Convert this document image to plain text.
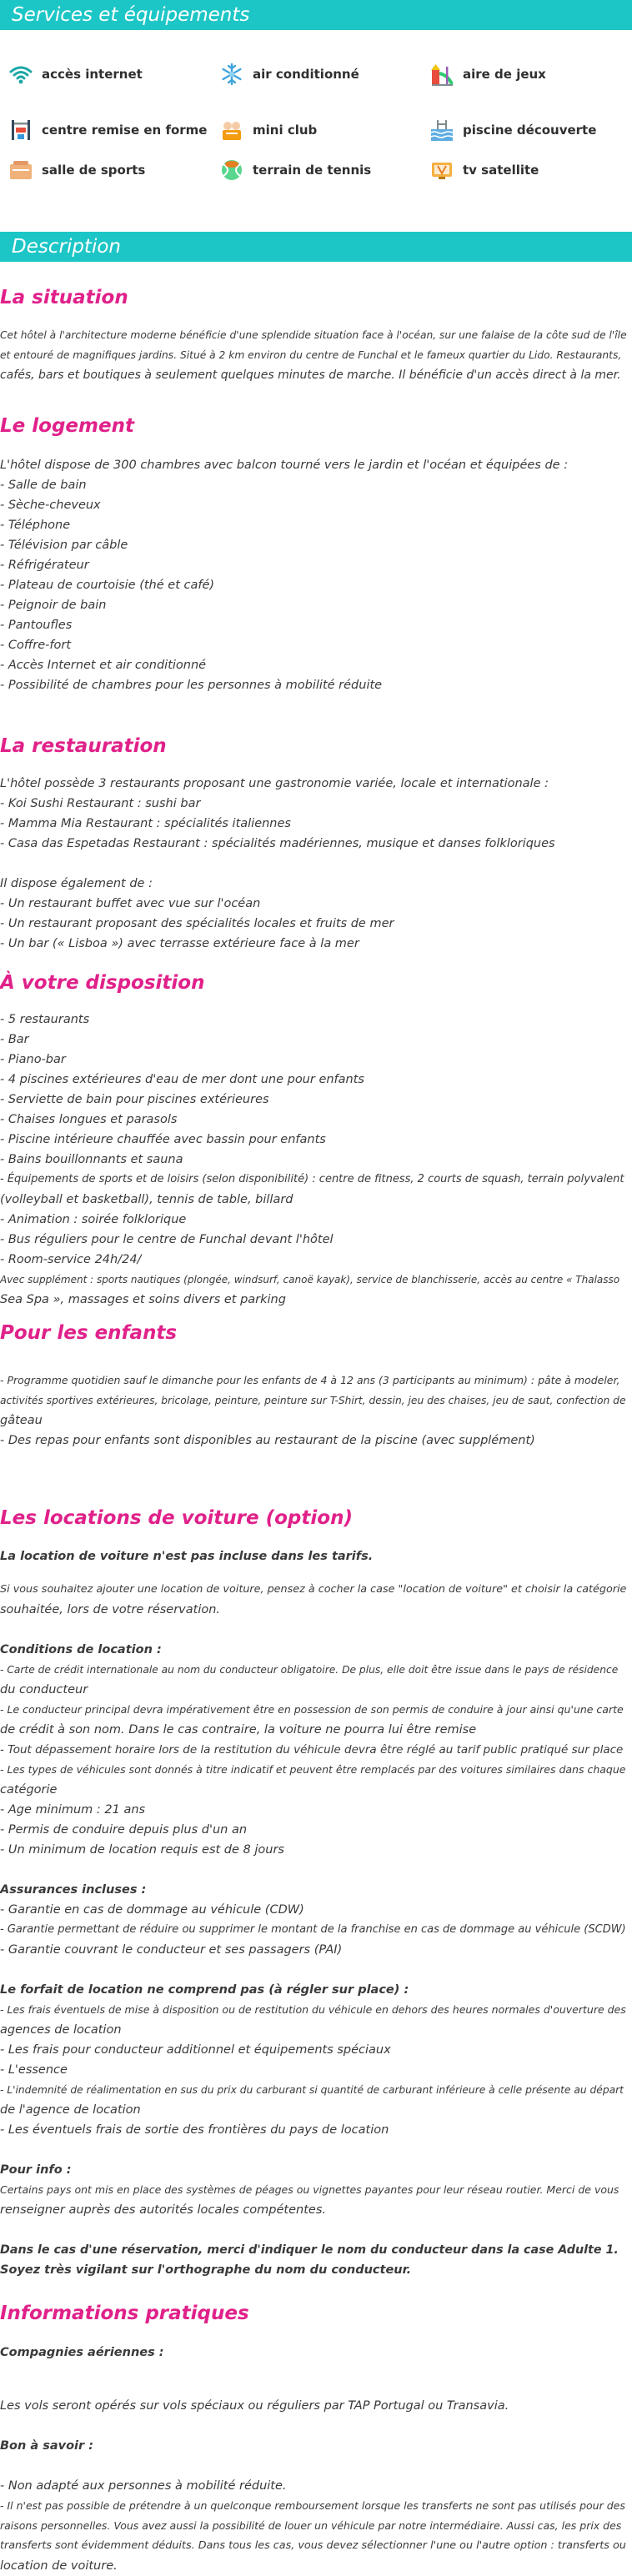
Services et équipements
accès internet	air conditionné	aire de jeux
centre remise en forme	mini club	piscine découverte
salle de sports	terrain de tennis	tv satellite
Description
La situation
Cet hôtel à l'architecture moderne bénéficie d'une splendide situation face à l'océan, sur une falaise de la côte sud de l'île
et entouré de magnifiques jardins. Situé à 2 km environ du centre de Funchal et le fameux quartier du Lido. Restaurants,
cafés, bars et boutiques à seulement quelques minutes de marche. Il bénéficie d'un accès direct à la mer.
Le logement
L'hôtel dispose de 300 chambres avec balcon tourné vers le jardin et l'océan et équipées de :
- Salle de bain
- Sèche-cheveux
- Téléphone
- Télévision par câble
- Réfrigérateur
- Plateau de courtoisie (thé et café)
- Peignoir de bain
- Pantoufles
- Coffre-fort
- Accès Internet et air conditionné
- Possibilité de chambres pour les personnes à mobilité réduite
La restauration
L'hôtel possède 3 restaurants proposant une gastronomie variée, locale et internationale :
- Koi Sushi Restaurant : sushi bar
- Mamma Mia Restaurant : spécialités italiennes
- Casa das Espetadas Restaurant : spécialités madériennes, musique et danses folkloriques
Il dispose également de :
- Un restaurant buffet avec vue sur l'océan
- Un restaurant proposant des spécialités locales et fruits de mer
- Un bar (« Lisboa ») avec terrasse extérieure face à la mer
À votre disposition
- 5 restaurants
- Bar
- Piano-bar
- 4 piscines extérieures d'eau de mer dont une pour enfants
- Serviette de bain pour piscines extérieures
- Chaises longues et parasols
- Piscine intérieure chauffée avec bassin pour enfants
- Bains bouillonnants et sauna
- Équipements de sports et de loisirs (selon disponibilité) : centre de fitness, 2 courts de squash, terrain polyvalent
(volleyball et basketball), tennis de table, billard
- Animation : soirée folklorique
- Bus réguliers pour le centre de Funchal devant l'hôtel
- Room-service 24h/24/
Avec supplément : sports nautiques (plongée, windsurf, canoë kayak), service de blanchisserie, accès au centre « Thalasso
Sea Spa », massages et soins divers et parking
Pour les enfants
- Programme quotidien sauf le dimanche pour les enfants de 4 à 12 ans (3 participants au minimum) : pâte à modeler,
activités sportives extérieures, bricolage, peinture, peinture sur T-Shirt, dessin, jeu des chaises, jeu de saut, confection de
gâteau
- Des repas pour enfants sont disponibles au restaurant de la piscine (avec supplément)
Les locations de voiture (option)
La location de voiture n'est pas incluse dans les tarifs.
Si vous souhaitez ajouter une location de voiture, pensez à cocher la case "location de voiture" et choisir la catégorie
souhaitée, lors de votre réservation.
Conditions de location :
- Carte de crédit internationale au nom du conducteur obligatoire. De plus, elle doit être issue dans le pays de résidence
du conducteur
- Le conducteur principal devra impérativement être en possession de son permis de conduire à jour ainsi qu'une carte
de crédit à son nom. Dans le cas contraire, la voiture ne pourra lui être remise
- Tout dépassement horaire lors de la restitution du véhicule devra être réglé au tarif public pratiqué sur place
- Les types de véhicules sont donnés à titre indicatif et peuvent être remplacés par des voitures similaires dans chaque
catégorie
- Age minimum : 21 ans
- Permis de conduire depuis plus d'un an
- Un minimum de location requis est de 8 jours
Assurances incluses :
- Garantie en cas de dommage au véhicule (CDW)
- Garantie permettant de réduire ou supprimer le montant de la franchise en cas de dommage au véhicule (SCDW)
- Garantie couvrant le conducteur et ses passagers (PAI)
Le forfait de location ne comprend pas (à régler sur place) :
- Les frais éventuels de mise à disposition ou de restitution du véhicule en dehors des heures normales d'ouverture des
agences de location
- Les frais pour conducteur additionnel et équipements spéciaux
- L'essence
- L'indemnité de réalimentation en sus du prix du carburant si quantité de carburant inférieure à celle présente au départ
de l'agence de location
- Les éventuels frais de sortie des frontières du pays de location
Pour info :
Certains pays ont mis en place des systèmes de péages ou vignettes payantes pour leur réseau routier. Merci de vous
renseigner auprès des autorités locales compétentes.
Dans le cas d'une réservation, merci d'indiquer le nom du conducteur dans la case Adulte 1.
Soyez très vigilant sur l'orthographe du nom du conducteur.
Informations pratiques
Compagnies aériennes :
Les vols seront opérés sur vols spéciaux ou réguliers par TAP Portugal ou Transavia.
Bon à savoir :
- Non adapté aux personnes à mobilité réduite.
- Il n'est pas possible de prétendre à un quelconque remboursement lorsque les transferts ne sont pas utilisés pour des
raisons personnelles. Vous avez aussi la possibilité de louer un véhicule par notre intermédiaire. Aussi cas, les prix des
transferts sont évidemment déduits. Dans tous les cas, vous devez sélectionner l'une ou l'autre option : transferts ou
location de voiture.
